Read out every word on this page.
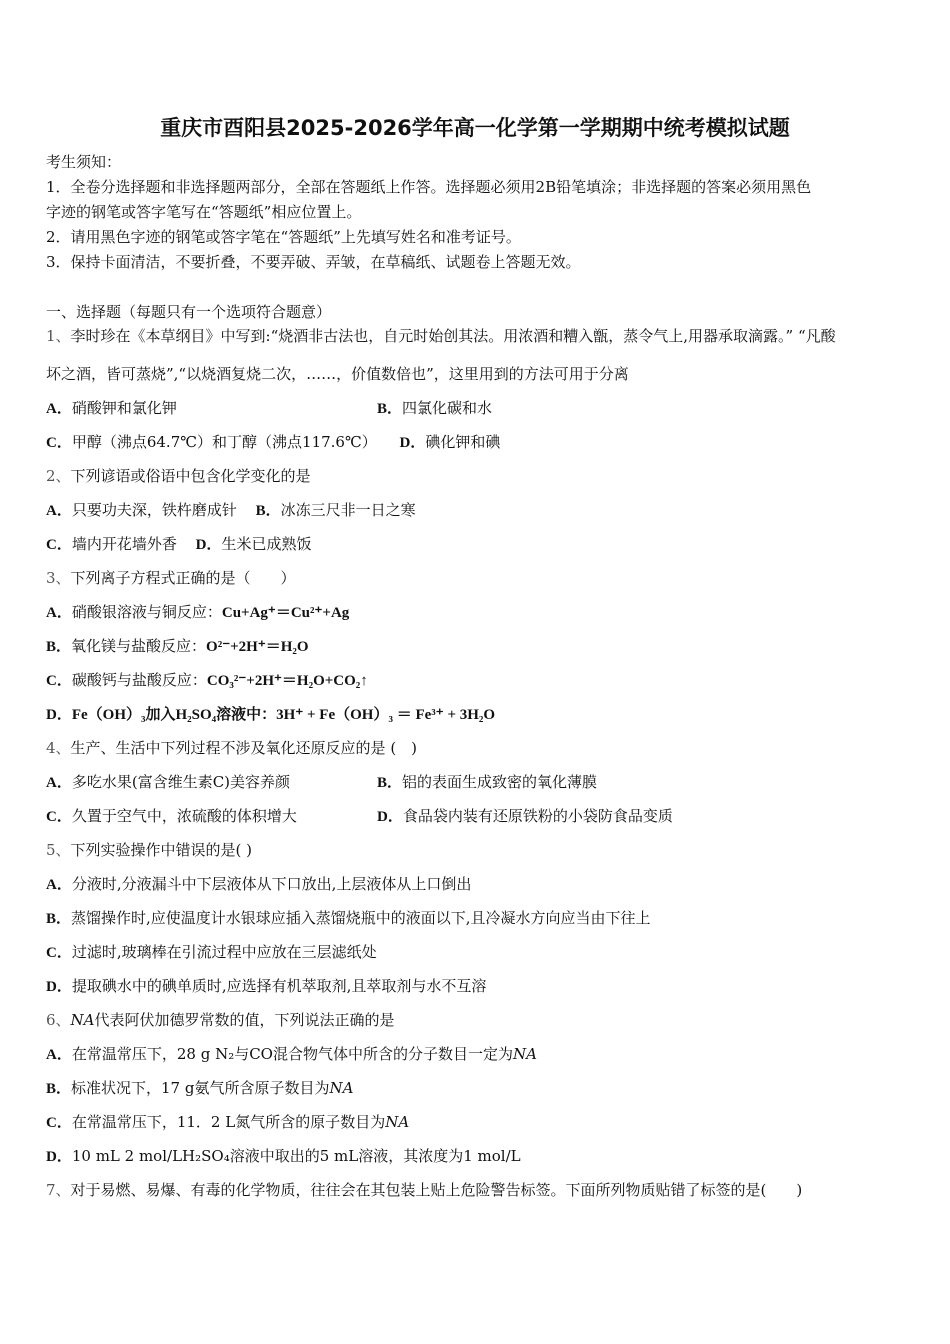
重庆市酉阳县2025-2026学年高一化学第一学期期中统考模拟试题
考生须知：
1．全卷分选择题和非选择题两部分，全部在答题纸上作答。选择题必须用2B铅笔填涂；非选择题的答案必须用黑色
字迹的钢笔或答字笔写在“答题纸”相应位置上。
2．请用黑色字迹的钢笔或答字笔在“答题纸”上先填写姓名和准考证号。
3．保持卡面清洁，不要折叠，不要弄破、弄皱，在草稿纸、试题卷上答题无效。
一、选择题（每题只有一个选项符合题意）
1、李时珍在《本草纲目》中写到:“烧酒非古法也，自元时始创其法。用浓酒和糟入甑，蒸令气上,用器承取滴露。” “凡酸
坏之酒，皆可蒸烧”,“以烧酒复烧二次，……，价值数倍也”，这里用到的方法可用于分离
A．硝酸钾和氯化钾	B．四氯化碳和水
C．甲醇（沸点64.7℃）和丁醇（沸点117.6℃） D．碘化钾和碘
2、下列谚语或俗语中包含化学变化的是
A．只要功夫深，铁杵磨成针 B．冰冻三尺非一日之寒
C．墙内开花墙外香 D．生米已成熟饭
3、下列离子方程式正确的是（　　）
A．硝酸银溶液与铜反应：Cu+Ag⁺＝Cu²⁺+Ag
B．氧化镁与盐酸反应：O²⁻+2H⁺＝H₂O
C．碳酸钙与盐酸反应：CO₃²⁻+2H⁺＝H₂O+CO₂↑
D．Fe（OH）₃加入H₂SO₄溶液中：3H⁺ + Fe（OH）₃ ＝ Fe³⁺ + 3H₂O
4、生产、生活中下列过程不涉及氧化还原反应的是 (　)
A．多吃水果(富含维生素C)美容养颜	B．铝的表面生成致密的氧化薄膜
C．久置于空气中，浓硫酸的体积增大	D．食品袋内装有还原铁粉的小袋防食品变质
5、下列实验操作中错误的是( )
A．分液时,分液漏斗中下层液体从下口放出,上层液体从上口倒出
B．蒸馏操作时,应使温度计水银球应插入蒸馏烧瓶中的液面以下,且冷凝水方向应当由下往上
C．过滤时,玻璃棒在引流过程中应放在三层滤纸处
D．提取碘水中的碘单质时,应选择有机萃取剂,且萃取剂与水不互溶
6、NA代表阿伏加德罗常数的值，下列说法正确的是
A．在常温常压下，28 g N₂与CO混合物气体中所含的分子数目一定为NA
B．标准状况下，17 g氨气所含原子数目为NA
C．在常温常压下，11．2 L氮气所含的原子数目为NA
D．10 mL 2 mol/LH₂SO₄溶液中取出的5 mL溶液，其浓度为1 mol/L
7、对于易燃、易爆、有毒的化学物质，往往会在其包装上贴上危险警告标签。下面所列物质贴错了标签的是(　　)
